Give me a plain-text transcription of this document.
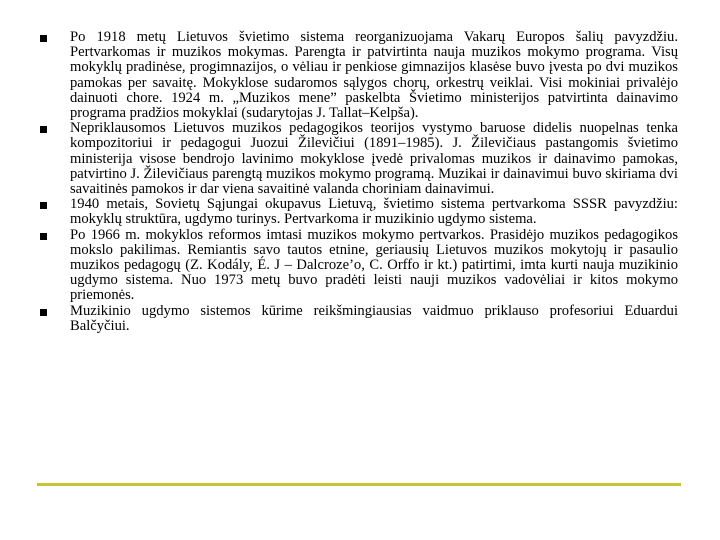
Po 1918 metų Lietuvos švietimo sistema reorganizuojama Vakarų Europos šalių pavyzdžiu. Pertvarkomas ir muzikos mokymas. Parengta ir patvirtinta nauja muzikos mokymo programa. Visų mokyklų pradinėse, progimnazijos, o vėliau ir penkiose gimnazijos klasėse buvo įvesta po dvi muzikos pamokas per savaitę. Mokyklose sudaromos sąlygos chorų, orkestrų veiklai. Visi mokiniai privalėjo dainuoti chore. 1924 m. „Muzikos mene” paskelbta Švietimo ministerijos patvirtinta dainavimo programa pradžios mokyklai (sudarytojas J. Tallat–Kelpša).
Nepriklausomos Lietuvos muzikos pedagogikos teorijos vystymo baruose didelis nuopelnas tenka kompozitoriui ir pedagogui Juozui Žilevičiui (1891–1985). J. Žilevičiaus pastangomis švietimo ministerija visose bendrojo lavinimo mokyklose įvedė privalomas muzikos ir dainavimo pamokas, patvirtino J. Žilevičiaus parengtą muzikos mokymo programą. Muzikai ir dainavimui buvo skiriama dvi savaitinės pamokos ir dar viena savaitinė valanda choriniam dainavimui.
1940 metais, Sovietų Sąjungai okupavus Lietuvą, švietimo sistema pertvarkoma SSSR pavyzdžiu: mokyklų struktūra, ugdymo turinys. Pertvarkoma ir muzikinio ugdymo sistema.
Po 1966 m. mokyklos reformos imtasi muzikos mokymo pertvarkos. Prasidėjo muzikos pedagogikos mokslo pakilimas. Remiantis savo tautos etnine, geriausių Lietuvos muzikos mokytojų ir pasaulio muzikos pedagogų (Z. Kodály, É. J – Dalcroze’o, C. Orffo ir kt.) patirtimi, imta kurti nauja muzikinio ugdymo sistema. Nuo 1973 metų buvo pradėti leisti nauji muzikos vadovėliai ir kitos mokymo priemonės.
Muzikinio ugdymo sistemos kūrime reikšmingiausias vaidmuo priklauso profesoriui Eduardui Balčyčiui.
